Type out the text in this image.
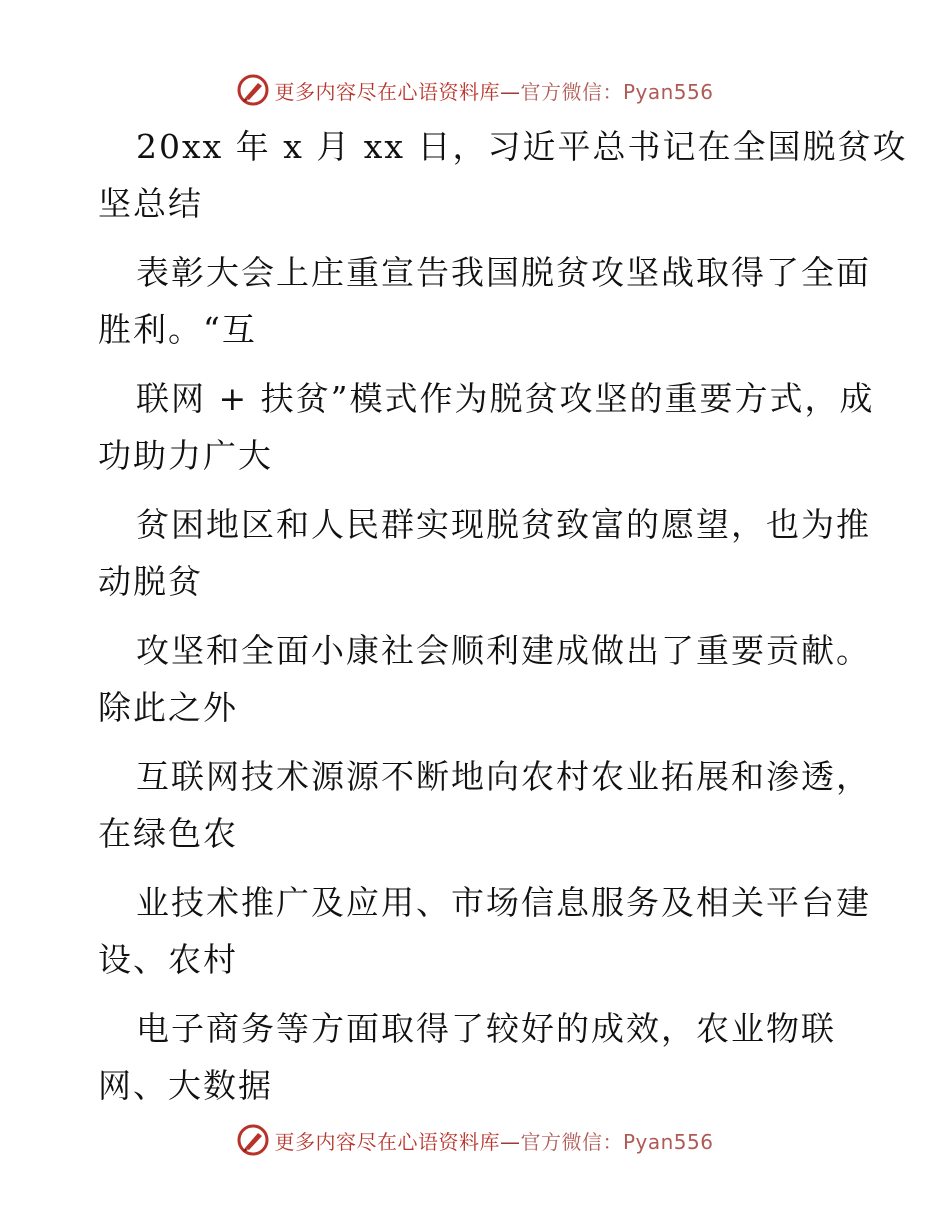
更多内容尽在心语资料库—官方微信：Pyan556

20xx 年 x 月 xx 日，习近平总书记在全国脱贫攻
坚总结

表彰大会上庄重宣告我国脱贫攻坚战取得了全面
胜利。“互

联网 + 扶贫”模式作为脱贫攻坚的重要方式，成
功助力广大

贫困地区和人民群实现脱贫致富的愿望，也为推
动脱贫

攻坚和全面小康社会顺利建成做出了重要贡献。
除此之外

互联网技术源源不断地向农村农业拓展和渗透，
在绿色农

业技术推广及应用、市场信息服务及相关平台建
设、农村

电子商务等方面取得了较好的成效，农业物联
网、大数据

更多内容尽在心语资料库—官方微信：Pyan556
